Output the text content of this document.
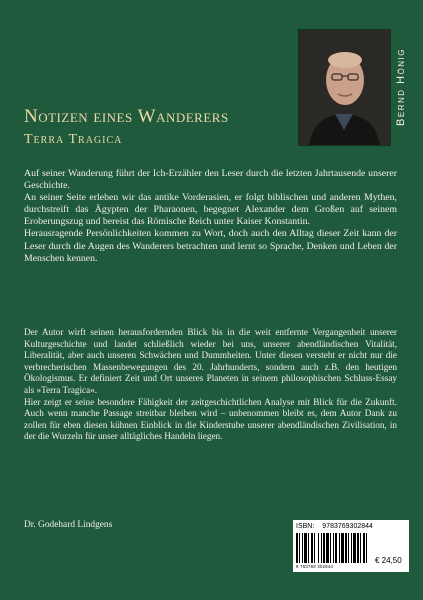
Bernd Hönig
Notizen eines Wanderers
Terra Tragica

Auf seiner Wanderung führt der Ich-Erzähler den Leser durch die letzten Jahrtausende unserer Geschichte.

An seiner Seite erleben wir das antike Vorderasien, er folgt biblischen und anderen Mythen, durchstreift das Ägypten der Pharaonen, begegnet Alexander dem Großen auf seinem Eroberungszug und bereist das Römische Reich unter Kaiser Konstantin.

Herausragende Persönlichkeiten kommen zu Wort, doch auch den Alltag dieser Zeit kann der Leser durch die Augen des Wanderers betrachten und lernt so Sprache, Denken und Leben der Menschen kennen.

Der Autor wirft seinen herausfordernden Blick bis in die weit entfernte Vergangenheit unserer Kulturgeschichte und landet schließlich wieder bei uns, unserer abendländischen Vitalität, Liberalität, aber auch unseren Schwächen und Dummheiten. Unter diesen versteht er nicht nur die verbrecherischen Massenbewegungen des 20. Jahrhunderts, sondern auch z.B. den heutigen Ökologismus. Er definiert Zeit und Ort unseres Planeten in seinem philosophischen Schluss-Essay als »Terra Tragica«.

Hier zeigt er seine besondere Fähigkeit der zeitgeschichtlichen Analyse mit Blick für die Zukunft. Auch wenn manche Passage streitbar bleiben wird – unbenommen bleibt es, dem Autor Dank zu zollen für eben diesen kühnen Einblick in die Kinderstube unserer abendländischen Zivilisation, in der die Wurzeln für unser alltägliches Handeln liegen.

Dr. Godehard Lindgens	ISBN: 9783769302844
9 783769 302844
€ 24,50
